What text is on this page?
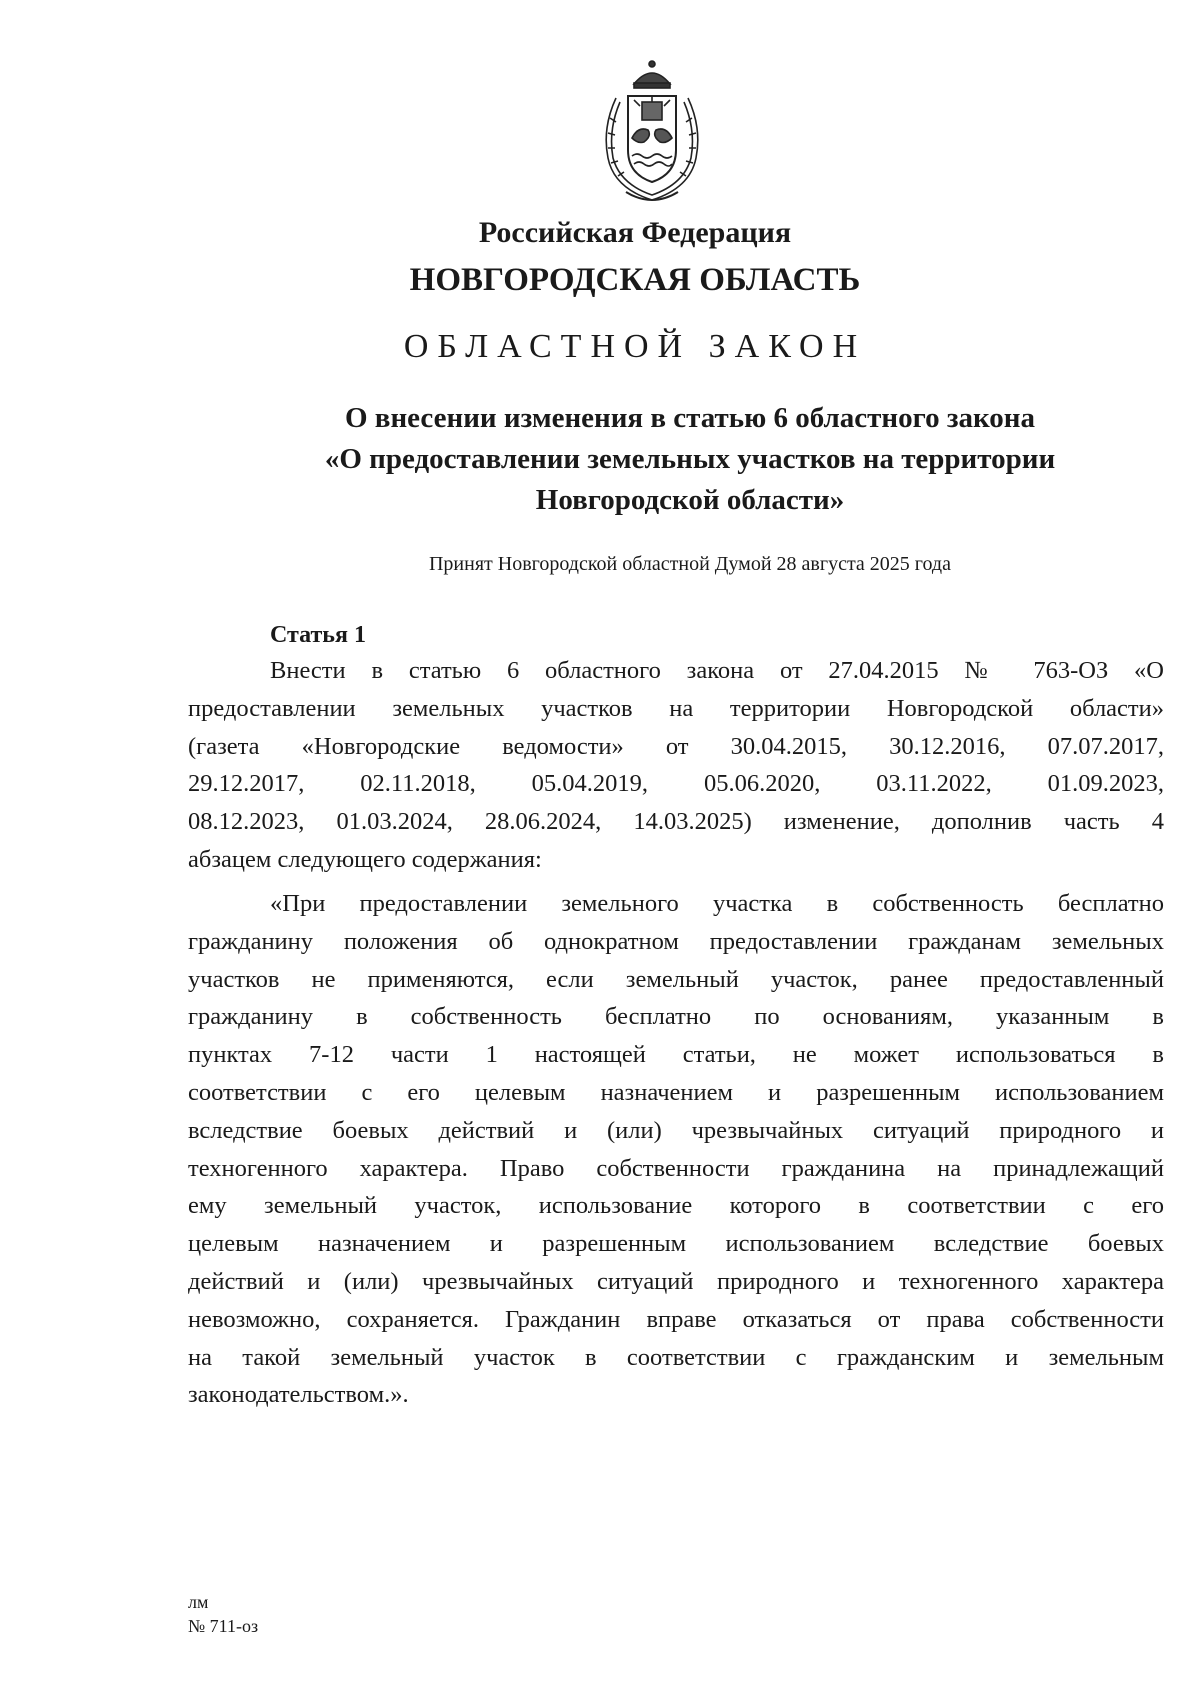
Российская Федерация
НОВГОРОДСКАЯ ОБЛАСТЬ
ОБЛАСТНОЙ ЗАКОН
О внесении изменения в статью 6 областного закона
«О предоставлении земельных участков на территории
Новгородской области»
Принят Новгородской областной Думой 28 августа 2025 года
Статья 1
Внести в статью 6 областного закона от 27.04.2015 № 763-ОЗ «О
предоставлении земельных участков на территории Новгородской области»
(газета «Новгородские ведомости» от 30.04.2015, 30.12.2016, 07.07.2017,
29.12.2017, 02.11.2018, 05.04.2019, 05.06.2020, 03.11.2022, 01.09.2023,
08.12.2023, 01.03.2024, 28.06.2024, 14.03.2025) изменение, дополнив часть 4
абзацем следующего содержания:
«При предоставлении земельного участка в собственность бесплатно
гражданину положения об однократном предоставлении гражданам земельных
участков не применяются, если земельный участок, ранее предоставленный
гражданину в собственность бесплатно по основаниям, указанным в
пунктах 7-12 части 1 настоящей статьи, не может использоваться в
соответствии с его целевым назначением и разрешенным использованием
вследствие боевых действий и (или) чрезвычайных ситуаций природного и
техногенного характера. Право собственности гражданина на принадлежащий
ему земельный участок, использование которого в соответствии с его
целевым назначением и разрешенным использованием вследствие боевых
действий и (или) чрезвычайных ситуаций природного и техногенного характера
невозможно, сохраняется. Гражданин вправе отказаться от права собственности
на такой земельный участок в соответствии с гражданским и земельным
законодательством.».
лм
№ 711-оз
